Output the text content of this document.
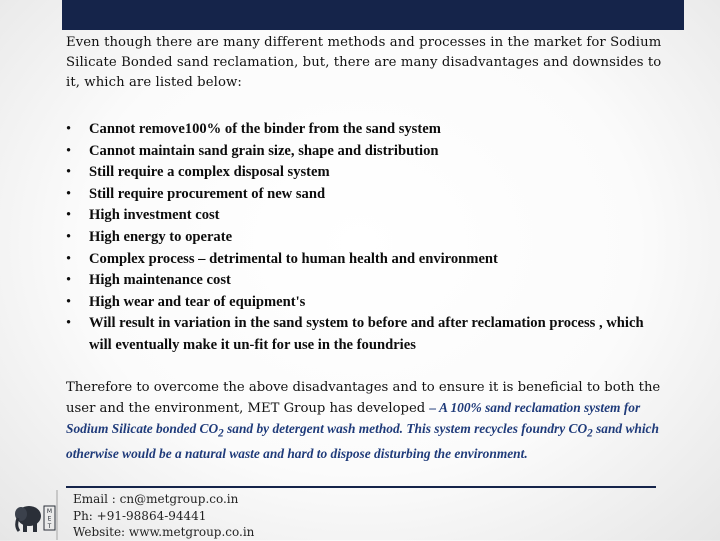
Even though there are many different methods and processes in the market for Sodium Silicate Bonded sand reclamation, but, there are many disadvantages and downsides to it, which are listed below:
•	Cannot remove100% of the binder from the sand system
•	Cannot maintain sand grain size, shape and distribution
•	Still require a complex disposal system
•	Still require procurement of new sand
•	High investment cost
•	High energy to operate
•	Complex process – detrimental to human health and environment
•	High maintenance cost
•	High wear and tear of equipment's
•	Will result in variation in the sand system to before and after reclamation process , which will eventually make it un-fit for use in the foundries
Therefore to overcome the above disadvantages and to ensure it is beneficial to both the user and the environment, MET Group has developed – A 100% sand reclamation system for Sodium Silicate bonded $CO_2$ sand by detergent wash method. This system recycles foundry $CO_2$ sand which otherwise would be a natural waste and hard to dispose disturbing the environment.
M
E
T
Email : cn@metgroup.co.in
Ph: +91-98864-94441
Website: www.metgroup.co.in
